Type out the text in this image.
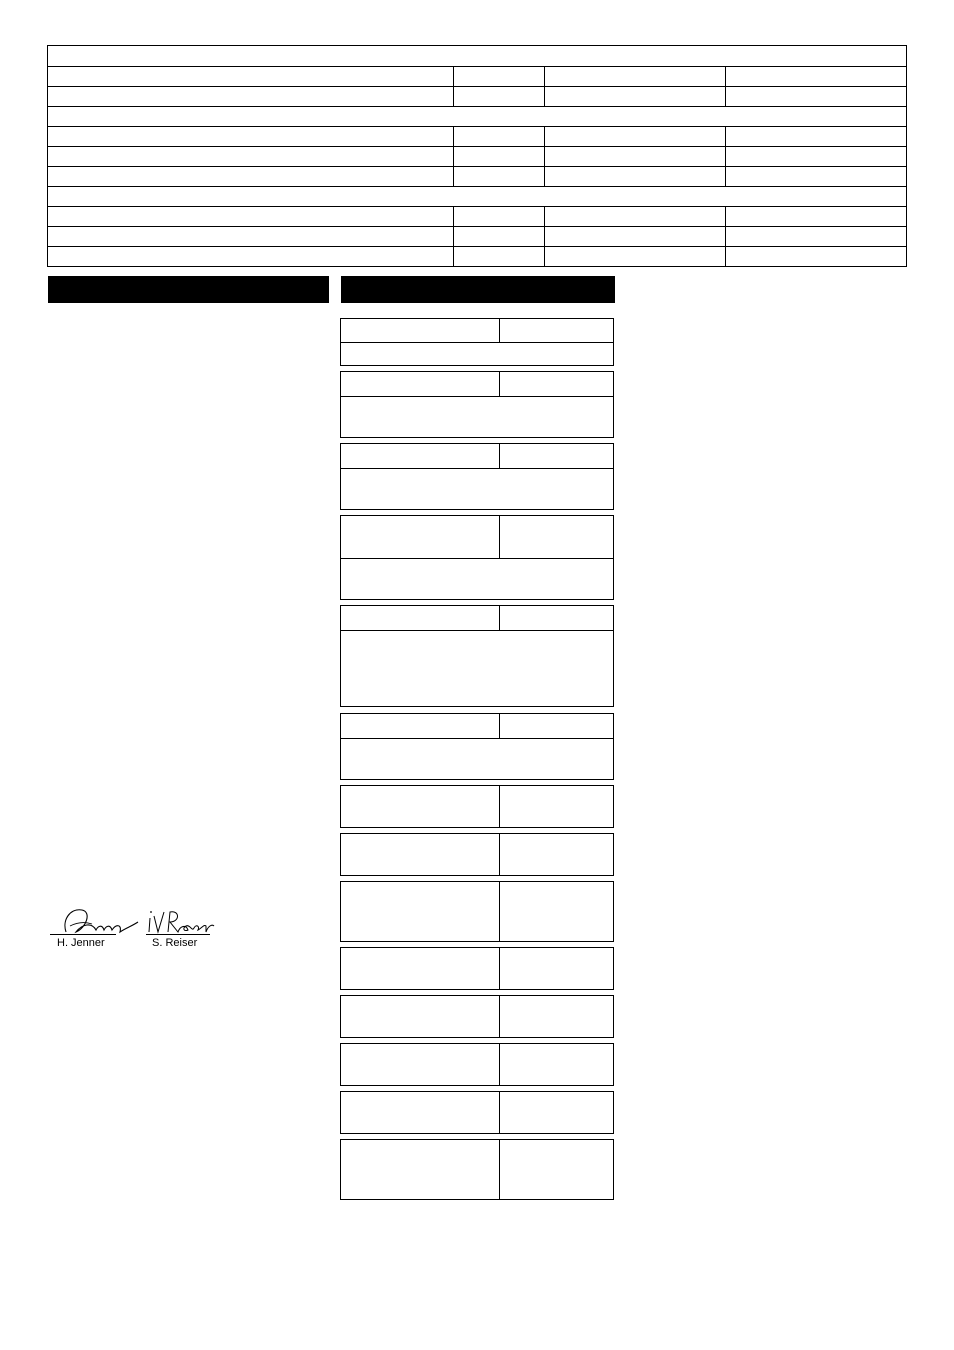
H. Jenner	S. Reiser
